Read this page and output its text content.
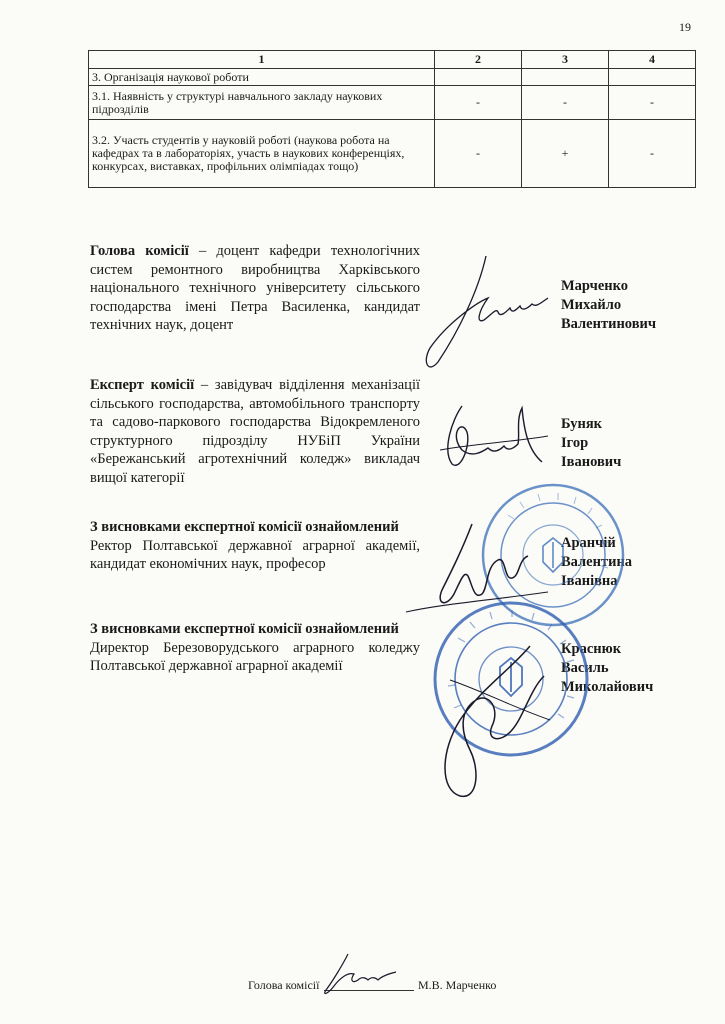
19
1	2	3	4
3. Організація наукової роботи			
3.1. Наявність у структурі навчального закладу наукових підрозділів	-	-	-
3.2. Участь студентів у науковій роботі (наукова робота на кафедрах та в лабораторіях, участь в наукових конференціях, конкурсах, виставках, профільних олімпіадах тощо)	-	+	-
Голова комісії – доцент кафедри технологічних систем ремонтного виробництва Харківського національного технічного університету сільського господарства імені Петра Василенка, кандидат технічних наук, доцент
Марченко
Михайло
Валентинович
Експерт комісії – завідувач відділення механізації сільського господарства, автомобільного транспорту та садово-паркового господарства Відокремленого структурного підрозділу НУБіП України «Бережанський агротехнічний коледж» викладач вищої категорії
Буняк
Ігор
Іванович
З висновками експертної комісії ознайомлений
Ректор Полтавської державної аграрної академії, кандидат економічних наук, професор
Аранчій
Валентина
Іванівна
З висновками експертної комісії ознайомлений
Директор Березоворудського аграрного коледжу Полтавської державної аграрної академії
Краснюк
Василь
Миколайович
Голова комісії	М.В. Марченко
